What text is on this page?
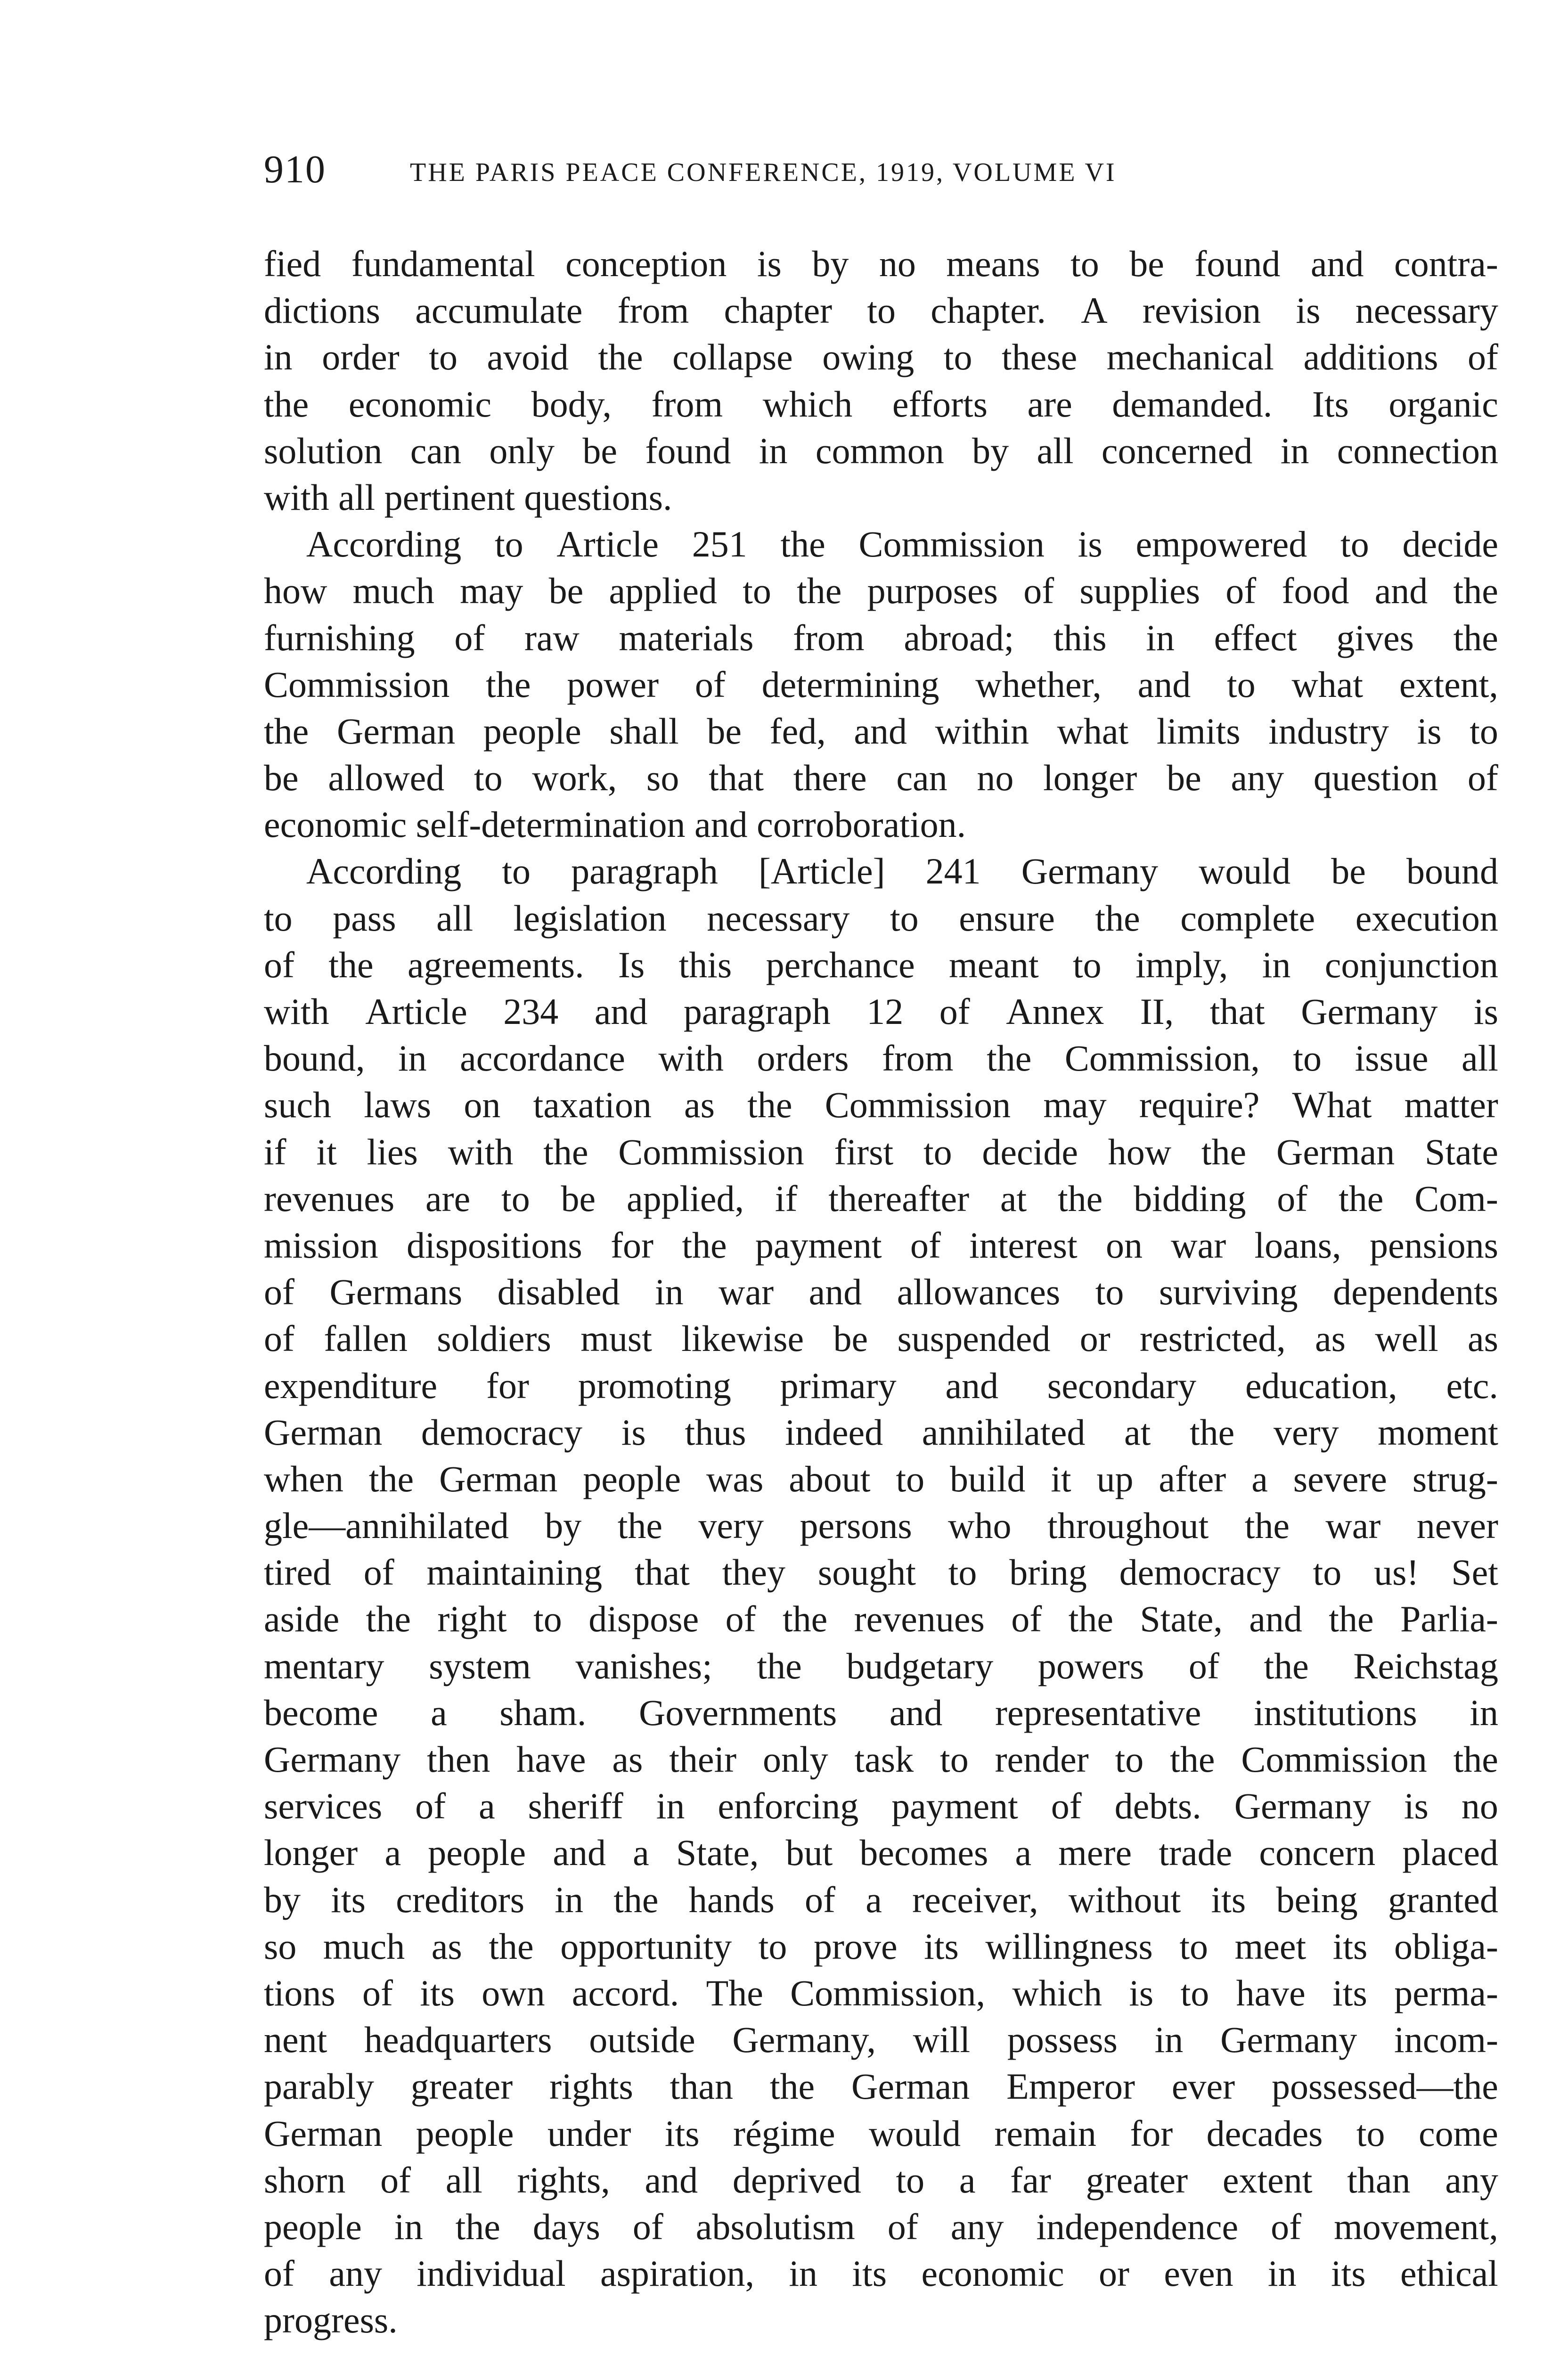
910	THE PARIS PEACE CONFERENCE, 1919, VOLUME VI
fied fundamental conception is by no means to be found and contra-
dictions accumulate from chapter to chapter. A revision is necessary
in order to avoid the collapse owing to these mechanical additions of
the economic body, from which efforts are demanded. Its organic
solution can only be found in common by all concerned in connection
with all pertinent questions.
According to Article 251 the Commission is empowered to decide
how much may be applied to the purposes of supplies of food and the
furnishing of raw materials from abroad; this in effect gives the
Commission the power of determining whether, and to what extent,
the German people shall be fed, and within what limits industry is to
be allowed to work, so that there can no longer be any question of
economic self-determination and corroboration.
According to paragraph [Article] 241 Germany would be bound
to pass all legislation necessary to ensure the complete execution
of the agreements. Is this perchance meant to imply, in conjunction
with Article 234 and paragraph 12 of Annex II, that Germany is
bound, in accordance with orders from the Commission, to issue all
such laws on taxation as the Commission may require? What matter
if it lies with the Commission first to decide how the German State
revenues are to be applied, if thereafter at the bidding of the Com-
mission dispositions for the payment of interest on war loans, pensions
of Germans disabled in war and allowances to surviving dependents
of fallen soldiers must likewise be suspended or restricted, as well as
expenditure for promoting primary and secondary education, etc.
German democracy is thus indeed annihilated at the very moment
when the German people was about to build it up after a severe strug-
gle—annihilated by the very persons who throughout the war never
tired of maintaining that they sought to bring democracy to us! Set
aside the right to dispose of the revenues of the State, and the Parlia-
mentary system vanishes; the budgetary powers of the Reichstag
become a sham. Governments and representative institutions in
Germany then have as their only task to render to the Commission the
services of a sheriff in enforcing payment of debts. Germany is no
longer a people and a State, but becomes a mere trade concern placed
by its creditors in the hands of a receiver, without its being granted
so much as the opportunity to prove its willingness to meet its obliga-
tions of its own accord. The Commission, which is to have its perma-
nent headquarters outside Germany, will possess in Germany incom-
parably greater rights than the German Emperor ever possessed—the
German people under its régime would remain for decades to come
shorn of all rights, and deprived to a far greater extent than any
people in the days of absolutism of any independence of movement,
of any individual aspiration, in its economic or even in its ethical
progress.
